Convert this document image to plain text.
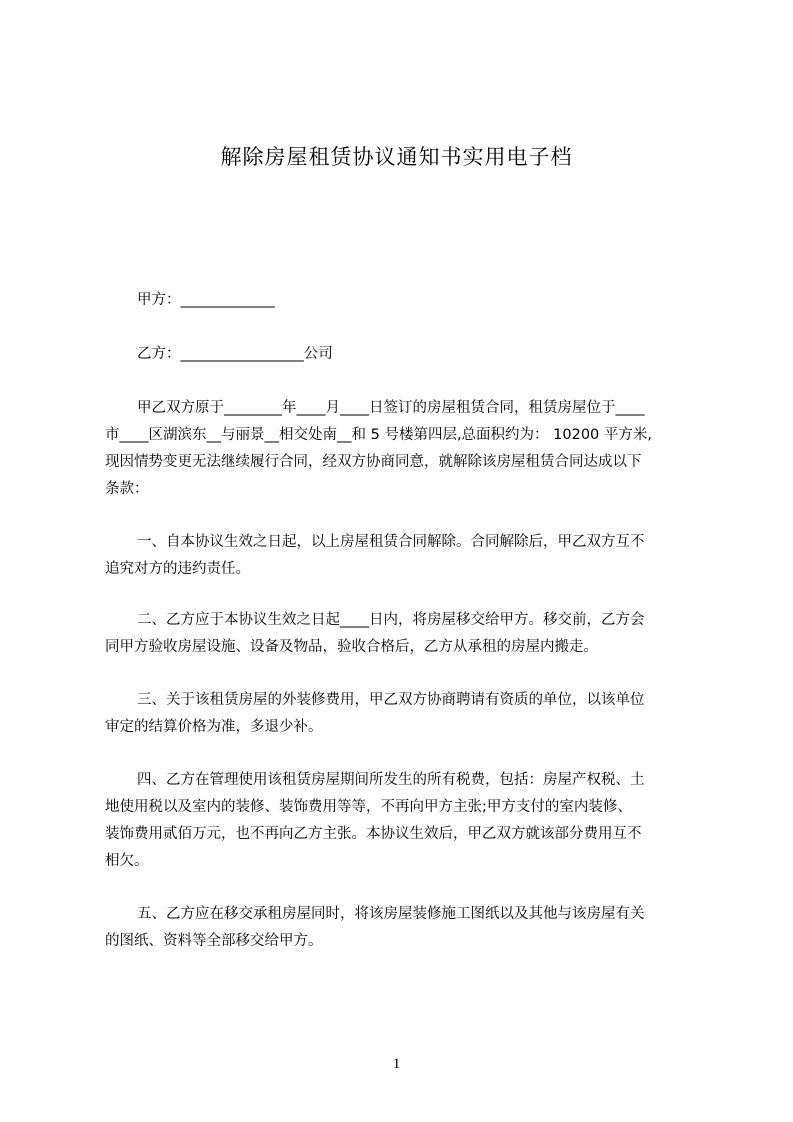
解除房屋租赁协议通知书实用电子档
甲方：_____________
乙方：_________________公司
甲乙双方原于________年____月____日签订的房屋租赁合同，租赁房屋位于____
市____区湖滨东__与丽景__相交处南__和 5 号楼第四层,总面积约为： 10200 平方米,
现因情势变更无法继续履行合同，经双方协商同意，就解除该房屋租赁合同达成以下
条款：
一、自本协议生效之日起，以上房屋租赁合同解除。合同解除后，甲乙双方互不
追究对方的违约责任。
二、乙方应于本协议生效之日起____日内，将房屋移交给甲方。移交前，乙方会
同甲方验收房屋设施、设备及物品，验收合格后，乙方从承租的房屋内搬走。
三、关于该租赁房屋的外装修费用，甲乙双方协商聘请有资质的单位，以该单位
审定的结算价格为准，多退少补。
四、乙方在管理使用该租赁房屋期间所发生的所有税费，包括：房屋产权税、土
地使用税以及室内的装修、装饰费用等等，不再向甲方主张;甲方支付的室内装修、
装饰费用贰佰万元，也不再向乙方主张。本协议生效后，甲乙双方就该部分费用互不
相欠。
五、乙方应在移交承租房屋同时，将该房屋装修施工图纸以及其他与该房屋有关
的图纸、资料等全部移交给甲方。
1
